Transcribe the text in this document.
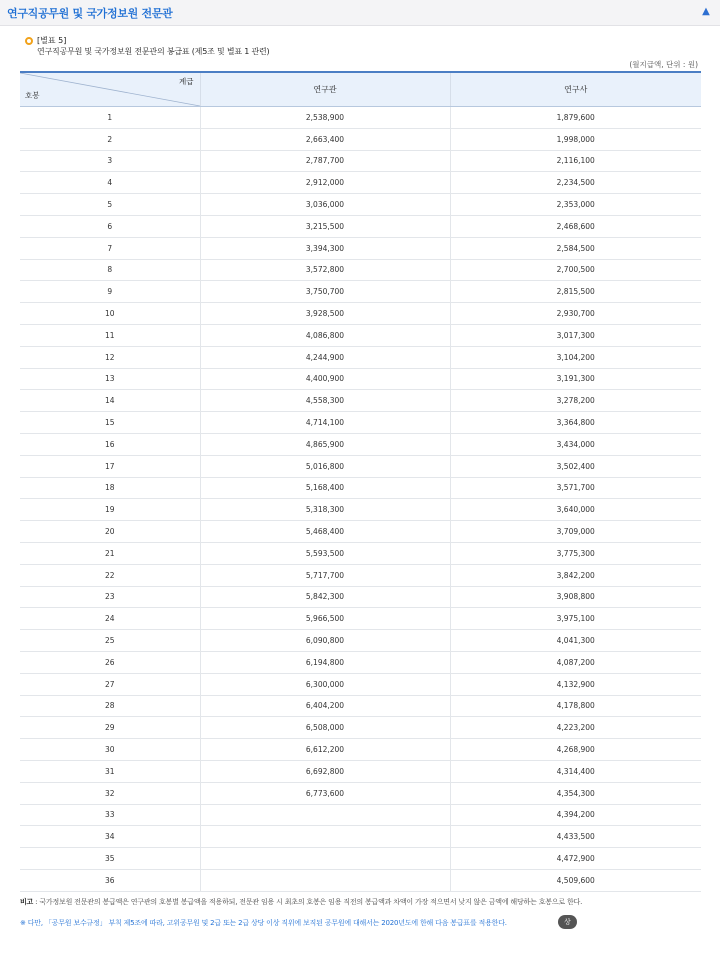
연구직공무원 및 국가정보원 전문관	▲
[별표 5]
연구직공무원 및 국가정보원 전문관의 봉급표 (제5조 및 별표 1 관련)
(월지급액, 단위 : 원)
계급
호봉	연구관	연구사
1	2,538,900	1,879,600
2	2,663,400	1,998,000
3	2,787,700	2,116,100
4	2,912,000	2,234,500
5	3,036,000	2,353,000
6	3,215,500	2,468,600
7	3,394,300	2,584,500
8	3,572,800	2,700,500
9	3,750,700	2,815,500
10	3,928,500	2,930,700
11	4,086,800	3,017,300
12	4,244,900	3,104,200
13	4,400,900	3,191,300
14	4,558,300	3,278,200
15	4,714,100	3,364,800
16	4,865,900	3,434,000
17	5,016,800	3,502,400
18	5,168,400	3,571,700
19	5,318,300	3,640,000
20	5,468,400	3,709,000
21	5,593,500	3,775,300
22	5,717,700	3,842,200
23	5,842,300	3,908,800
24	5,966,500	3,975,100
25	6,090,800	4,041,300
26	6,194,800	4,087,200
27	6,300,000	4,132,900
28	6,404,200	4,178,800
29	6,508,000	4,223,200
30	6,612,200	4,268,900
31	6,692,800	4,314,400
32	6,773,600	4,354,300
33		4,394,200
34		4,433,500
35		4,472,900
36		4,509,600
비고 : 국가정보원 전문관의 봉급액은 연구관의 호봉별 봉급액을 적용하되, 전문관 임용 시 최초의 호봉은 임용 직전의 봉급액과 차액이 가장 적으면서 낮지 않은 금액에 해당하는 호봉으로 한다.
※ 다만, 「공무원 보수규정」 부칙 제5조에 따라, 고위공무원 및 2급 또는 2급 상당 이상 직위에 보직된 공무원에 대해서는 2020년도에 한해 다음 봉급표를 적용한다.	상세보기
